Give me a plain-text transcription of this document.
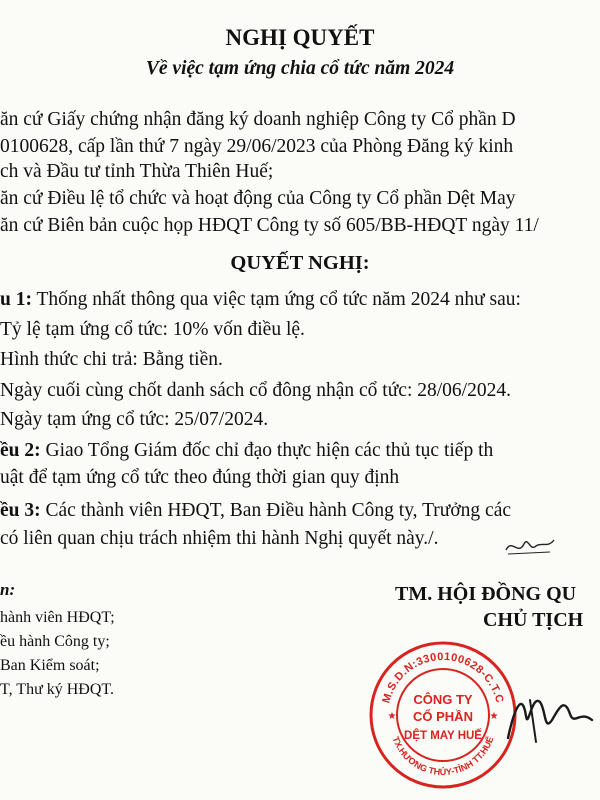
NGHỊ QUYẾT
Về việc tạm ứng chia cổ tức năm 2024
ăn cứ Giấy chứng nhận đăng ký doanh nghiệp Công ty Cổ phần D
0100628, cấp lần thứ 7 ngày 29/06/2023 của Phòng Đăng ký kinh
ch và Đầu tư tỉnh Thừa Thiên Huế;
ăn cứ Điều lệ tổ chức và hoạt động của Công ty Cổ phần Dệt May
ăn cứ Biên bản cuộc họp HĐQT Công ty số 605/BB-HĐQT ngày 11/
QUYẾT NGHỊ:
u 1: Thống nhất thông qua việc tạm ứng cổ tức năm 2024 như sau:
Tỷ lệ tạm ứng cổ tức: 10% vốn điều lệ.
Hình thức chi trả: Bằng tiền.
Ngày cuối cùng chốt danh sách cổ đông nhận cổ tức: 28/06/2024.
Ngày tạm ứng cổ tức: 25/07/2024.
ều 2: Giao Tổng Giám đốc chỉ đạo thực hiện các thủ tục tiếp th
uật để tạm ứng cổ tức theo đúng thời gian quy định
ều 3: Các thành viên HĐQT, Ban Điều hành Công ty, Trưởng các
có liên quan chịu trách nhiệm thi hành Nghị quyết này./.
n:
hành viên HĐQT;
ều hành Công ty;
Ban Kiểm soát;
T, Thư ký HĐQT.
TM. HỘI ĐỒNG QU
CHỦ TỊCH
M.S.D.N:3300100628-C.T.C
TX.HƯƠNG THỦY-TỈNH TT.HUẾ
CÔNG TY
CỔ PHẦN
DỆT MAY HUẾ
★	★
